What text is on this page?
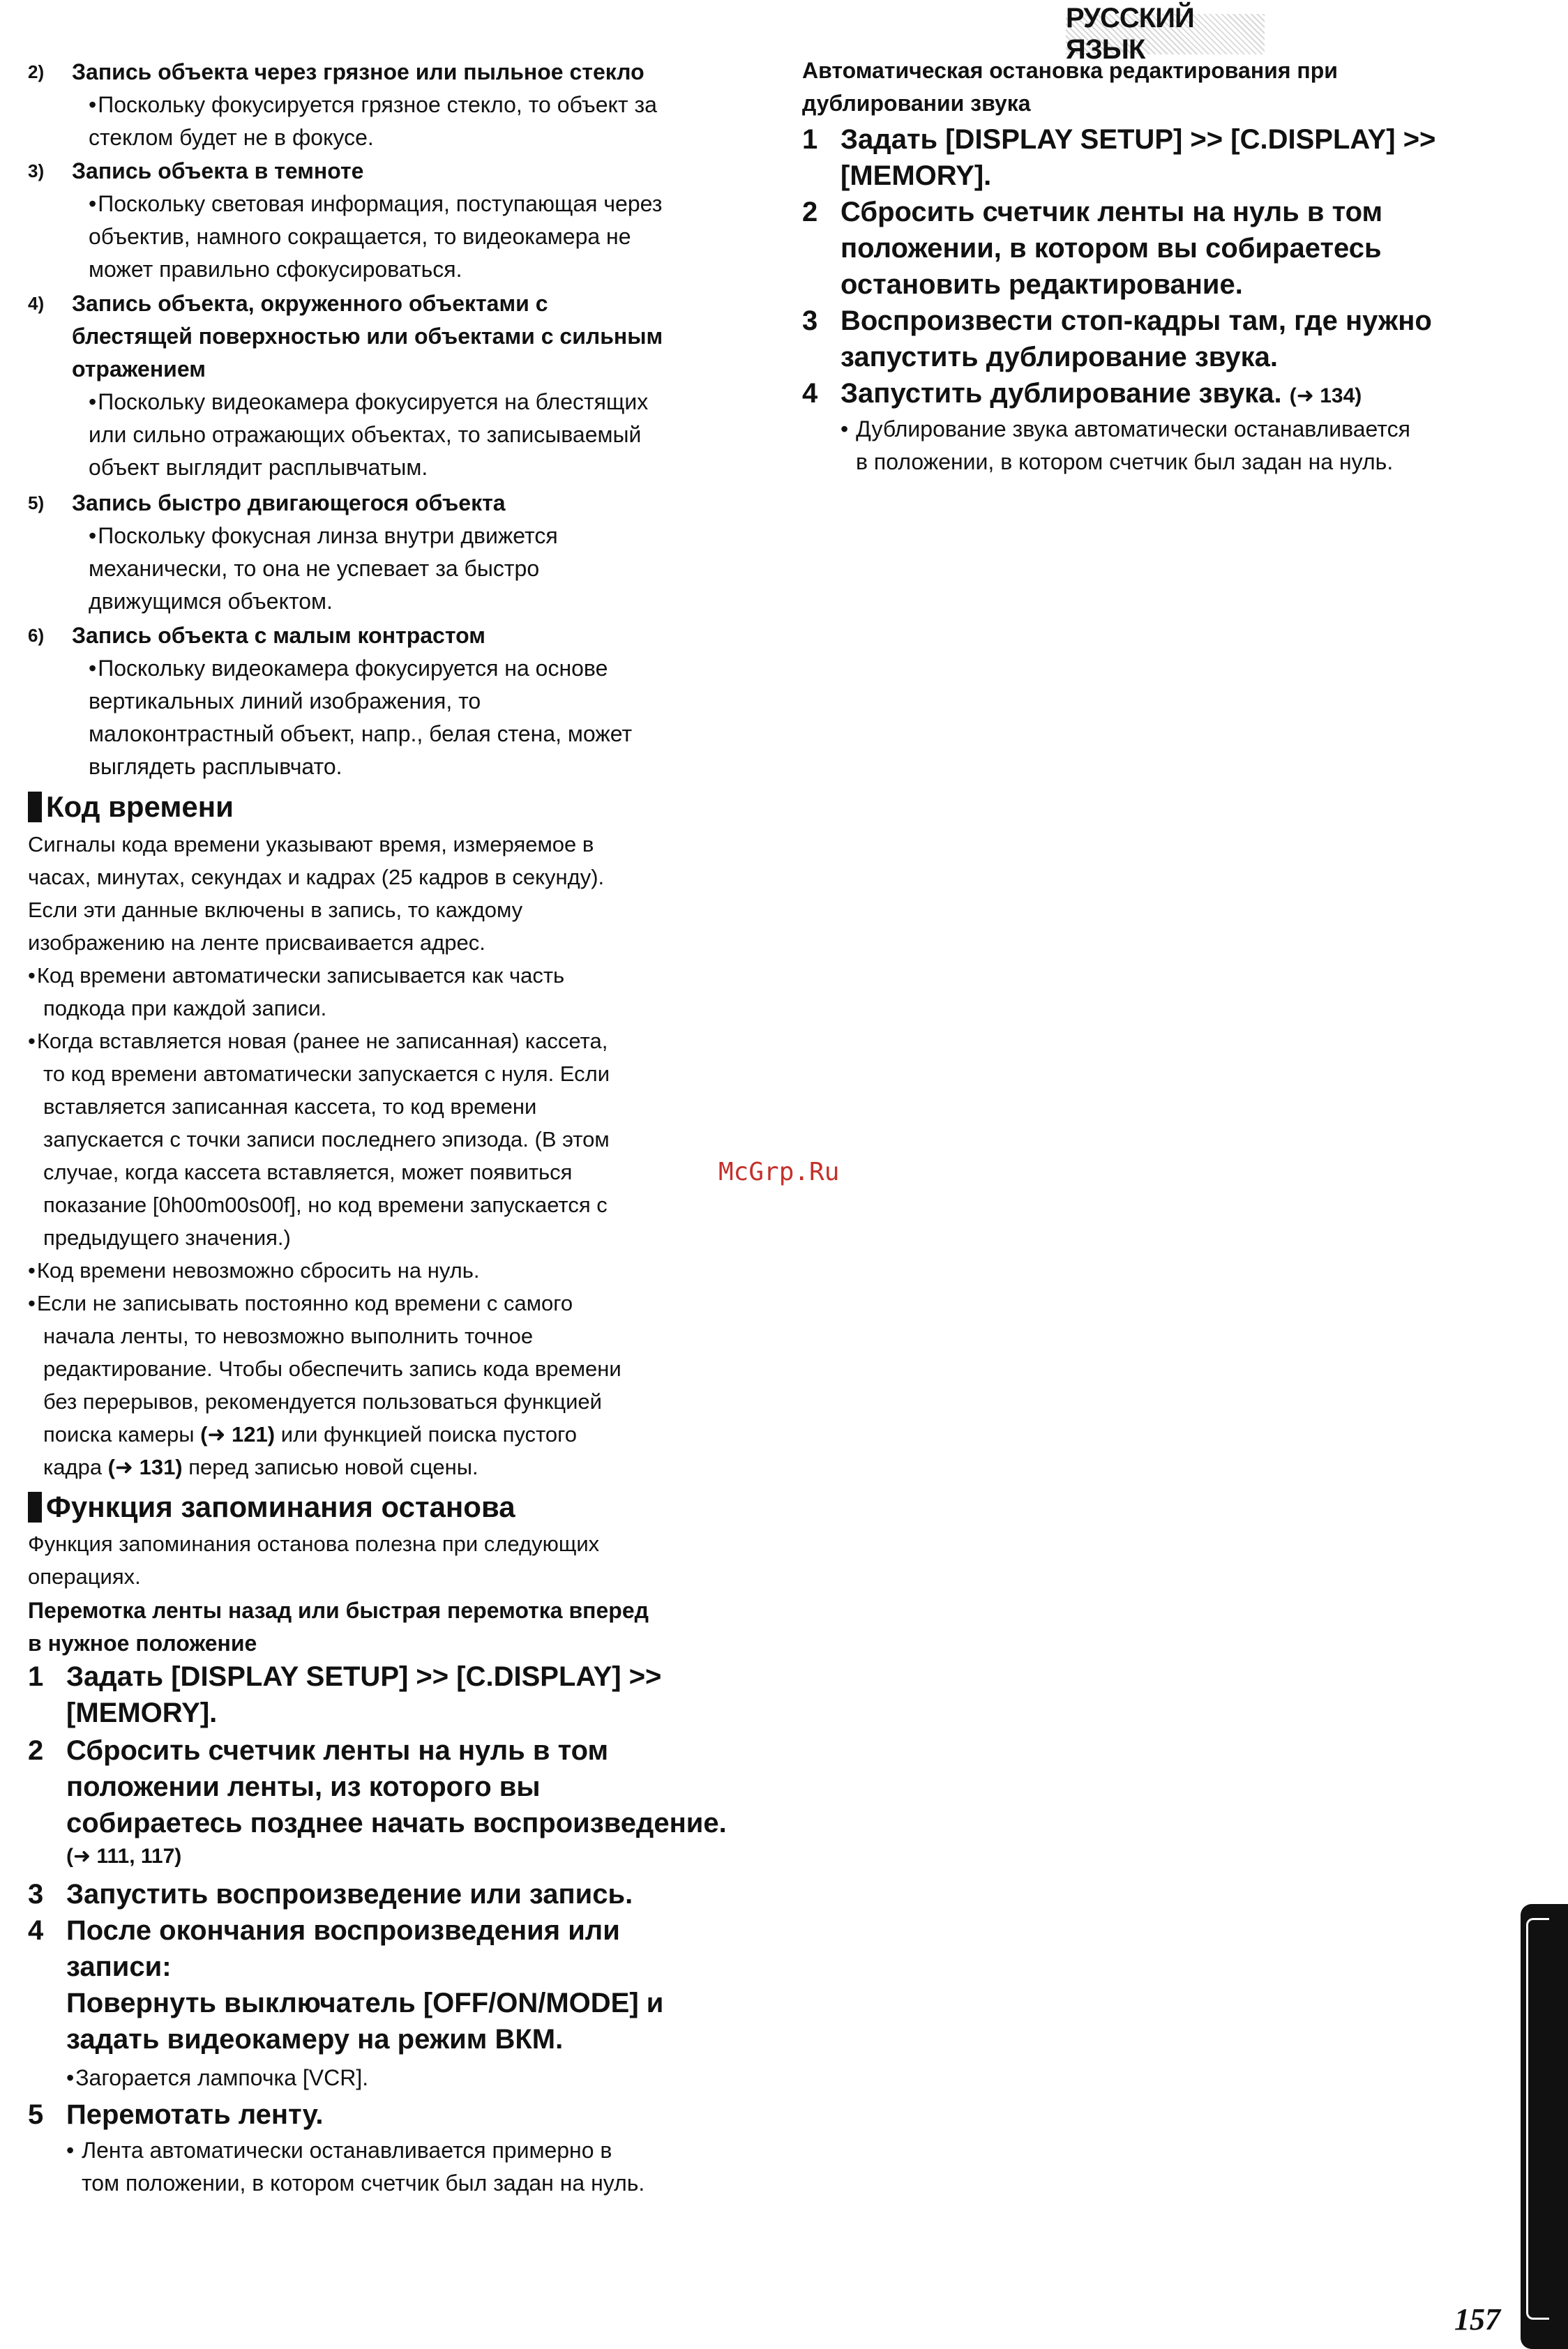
РУССКИЙ ЯЗЫК
2) Запись объекта через грязное или пыльное стекло
• Поскольку фокусируется грязное стекло, то объект за
стеклом будет не в фокусе.
3) Запись объекта в темноте
• Поскольку световая информация, поступающая через
объектив, намного сокращается, то видеокамера не
может правильно сфокусироваться.
4) Запись объекта, окруженного объектами с
блестящей поверхностью или объектами с сильным
отражением
• Поскольку видеокамера фокусируется на блестящих
или сильно отражающих объектах, то записываемый
объект выглядит расплывчатым.
5) Запись быстро двигающегося объекта
• Поскольку фокусная линза внутри движется
механически, то она не успевает за быстро
движущимся объектом.
6) Запись объекта с малым контрастом
• Поскольку видеокамера фокусируется на основе
вертикальных линий изображения, то
малоконтрастный объект, напр., белая стена, может
выглядеть расплывчато.
Код времени
Сигналы кода времени указывают время, измеряемое в
часах, минутах, секундах и кадрах (25 кадров в секунду).
Если эти данные включены в запись, то каждому
изображению на ленте присваивается адрес.
• Код времени автоматически записывается как часть
подкода при каждой записи.
• Когда вставляется новая (ранее не записанная) кассета,
то код времени автоматически запускается с нуля. Если
вставляется записанная кассета, то код времени
запускается с точки записи последнего эпизода. (В этом
случае, когда кассета вставляется, может появиться
показание [0h00m00s00f], но код времени запускается с
предыдущего значения.)
• Код времени невозможно сбросить на нуль.
• Если не записывать постоянно код времени с самого
начала ленты, то невозможно выполнить точное
редактирование. Чтобы обеспечить запись кода времени
без перерывов, рекомендуется пользоваться функцией
поиска камеры (➜ 121) или функцией поиска пустого
кадра (➜ 131) перед записью новой сцены.
Функция запоминания останова
Функция запоминания останова полезна при следующих
операциях.
Перемотка ленты назад или быстрая перемотка вперед
в нужное положение
1 Задать [DISPLAY SETUP] >> [C.DISPLAY] >>
[MEMORY].
2 Сбросить счетчик ленты на нуль в том
положении ленты, из которого вы
собираетесь позднее начать воспроизведение.
(➜ 111, 117)
3 Запустить воспроизведение или запись.
4 После окончания воспроизведения или
записи:
Повернуть выключатель [OFF/ON/MODE] и
задать видеокамеру на режим ВКМ.
• Загорается лампочка [VCR].
5 Перемотать ленту.
• Лента автоматически останавливается примерно в
том положении, в котором счетчик был задан на нуль.
Автоматическая остановка редактирования при
дублировании звука
1 Задать [DISPLAY SETUP] >> [C.DISPLAY] >>
[MEMORY].
2 Сбросить счетчик ленты на нуль в том
положении, в котором вы собираетесь
остановить редактирование.
3 Воспроизвести стоп-кадры там, где нужно
запустить дублирование звука.
4 Запустить дублирование звука. (➜ 134)
• Дублирование звука автоматически останавливается
в положении, в котором счетчик был задан на нуль.
McGrp.Ru
157
